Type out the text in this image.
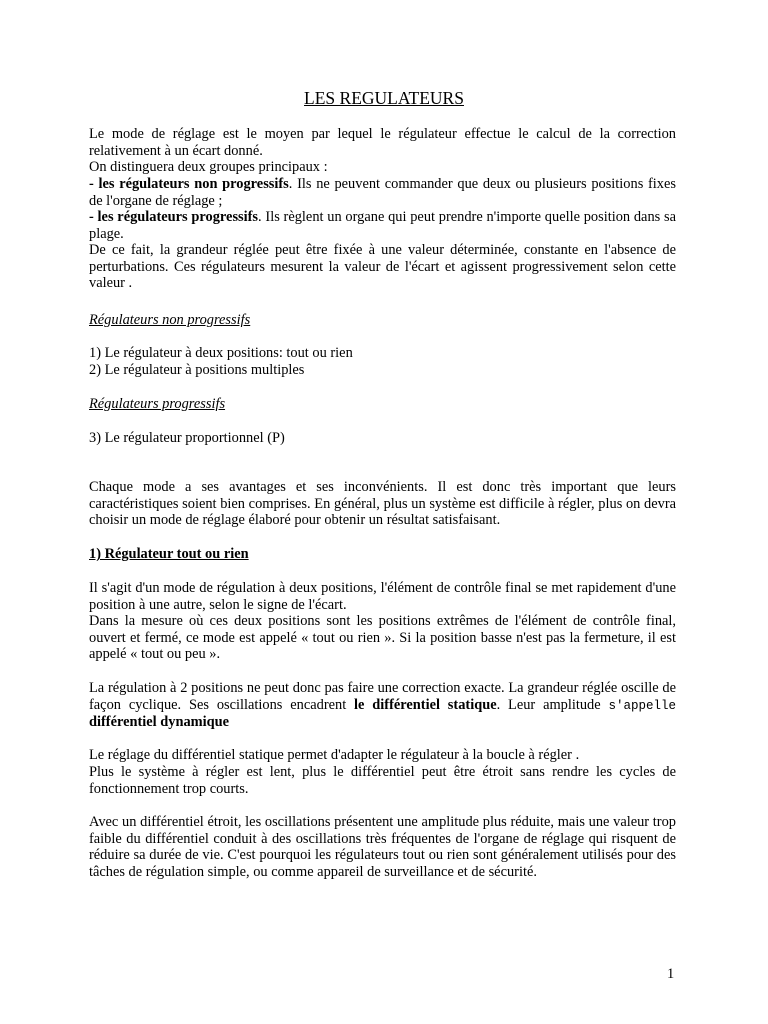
LES REGULATEURS

Le mode de réglage est le moyen par lequel le régulateur effectue le calcul de la correction relativement à un écart donné.

On distinguera deux groupes principaux :

- les régulateurs non progressifs. Ils ne peuvent commander que deux ou plusieurs positions fixes de l'organe de réglage ;

- les régulateurs progressifs. Ils règlent un organe qui peut prendre n'importe quelle position dans sa plage.

De ce fait, la grandeur réglée peut être fixée à une valeur déterminée, constante en l'absence de perturbations. Ces régulateurs mesurent la valeur de l'écart et agissent progressivement selon cette valeur .

Régulateurs non progressifs

1) Le régulateur à deux positions: tout ou rien

2) Le régulateur à positions multiples

Régulateurs progressifs

3) Le régulateur proportionnel (P)

Chaque mode a ses avantages et ses inconvénients. Il est donc très important que leurs caractéristiques soient bien comprises. En général, plus un système est difficile à régler, plus on devra choisir un mode de réglage élaboré pour obtenir un résultat satisfaisant.

1) Régulateur tout ou rien

Il s'agit d'un mode de régulation à deux positions, l'élément de contrôle final se met rapidement d'une position à une autre, selon le signe de l'écart.

Dans la mesure où ces deux positions sont les positions extrêmes de l'élément de contrôle final, ouvert et fermé, ce mode est appelé « tout ou rien ». Si la position basse n'est pas la fermeture, il est appelé « tout ou peu ».

La régulation à 2 positions ne peut donc pas faire une correction exacte. La grandeur réglée oscille de façon cyclique. Ses oscillations encadrent le différentiel statique. Leur amplitude s'appelle différentiel dynamique

Le réglage du différentiel statique permet d'adapter le régulateur à la boucle à régler .

Plus le système à régler est lent, plus le différentiel peut être étroit sans rendre les cycles de fonctionnement trop courts.

Avec un différentiel étroit, les oscillations présentent une amplitude plus réduite, mais une valeur trop faible du différentiel conduit à des oscillations très fréquentes de l'organe de réglage qui risquent de réduire sa durée de vie. C'est pourquoi les régulateurs tout ou rien sont généralement utilisés pour des tâches de régulation simple, ou comme appareil de surveillance et de sécurité.

1
